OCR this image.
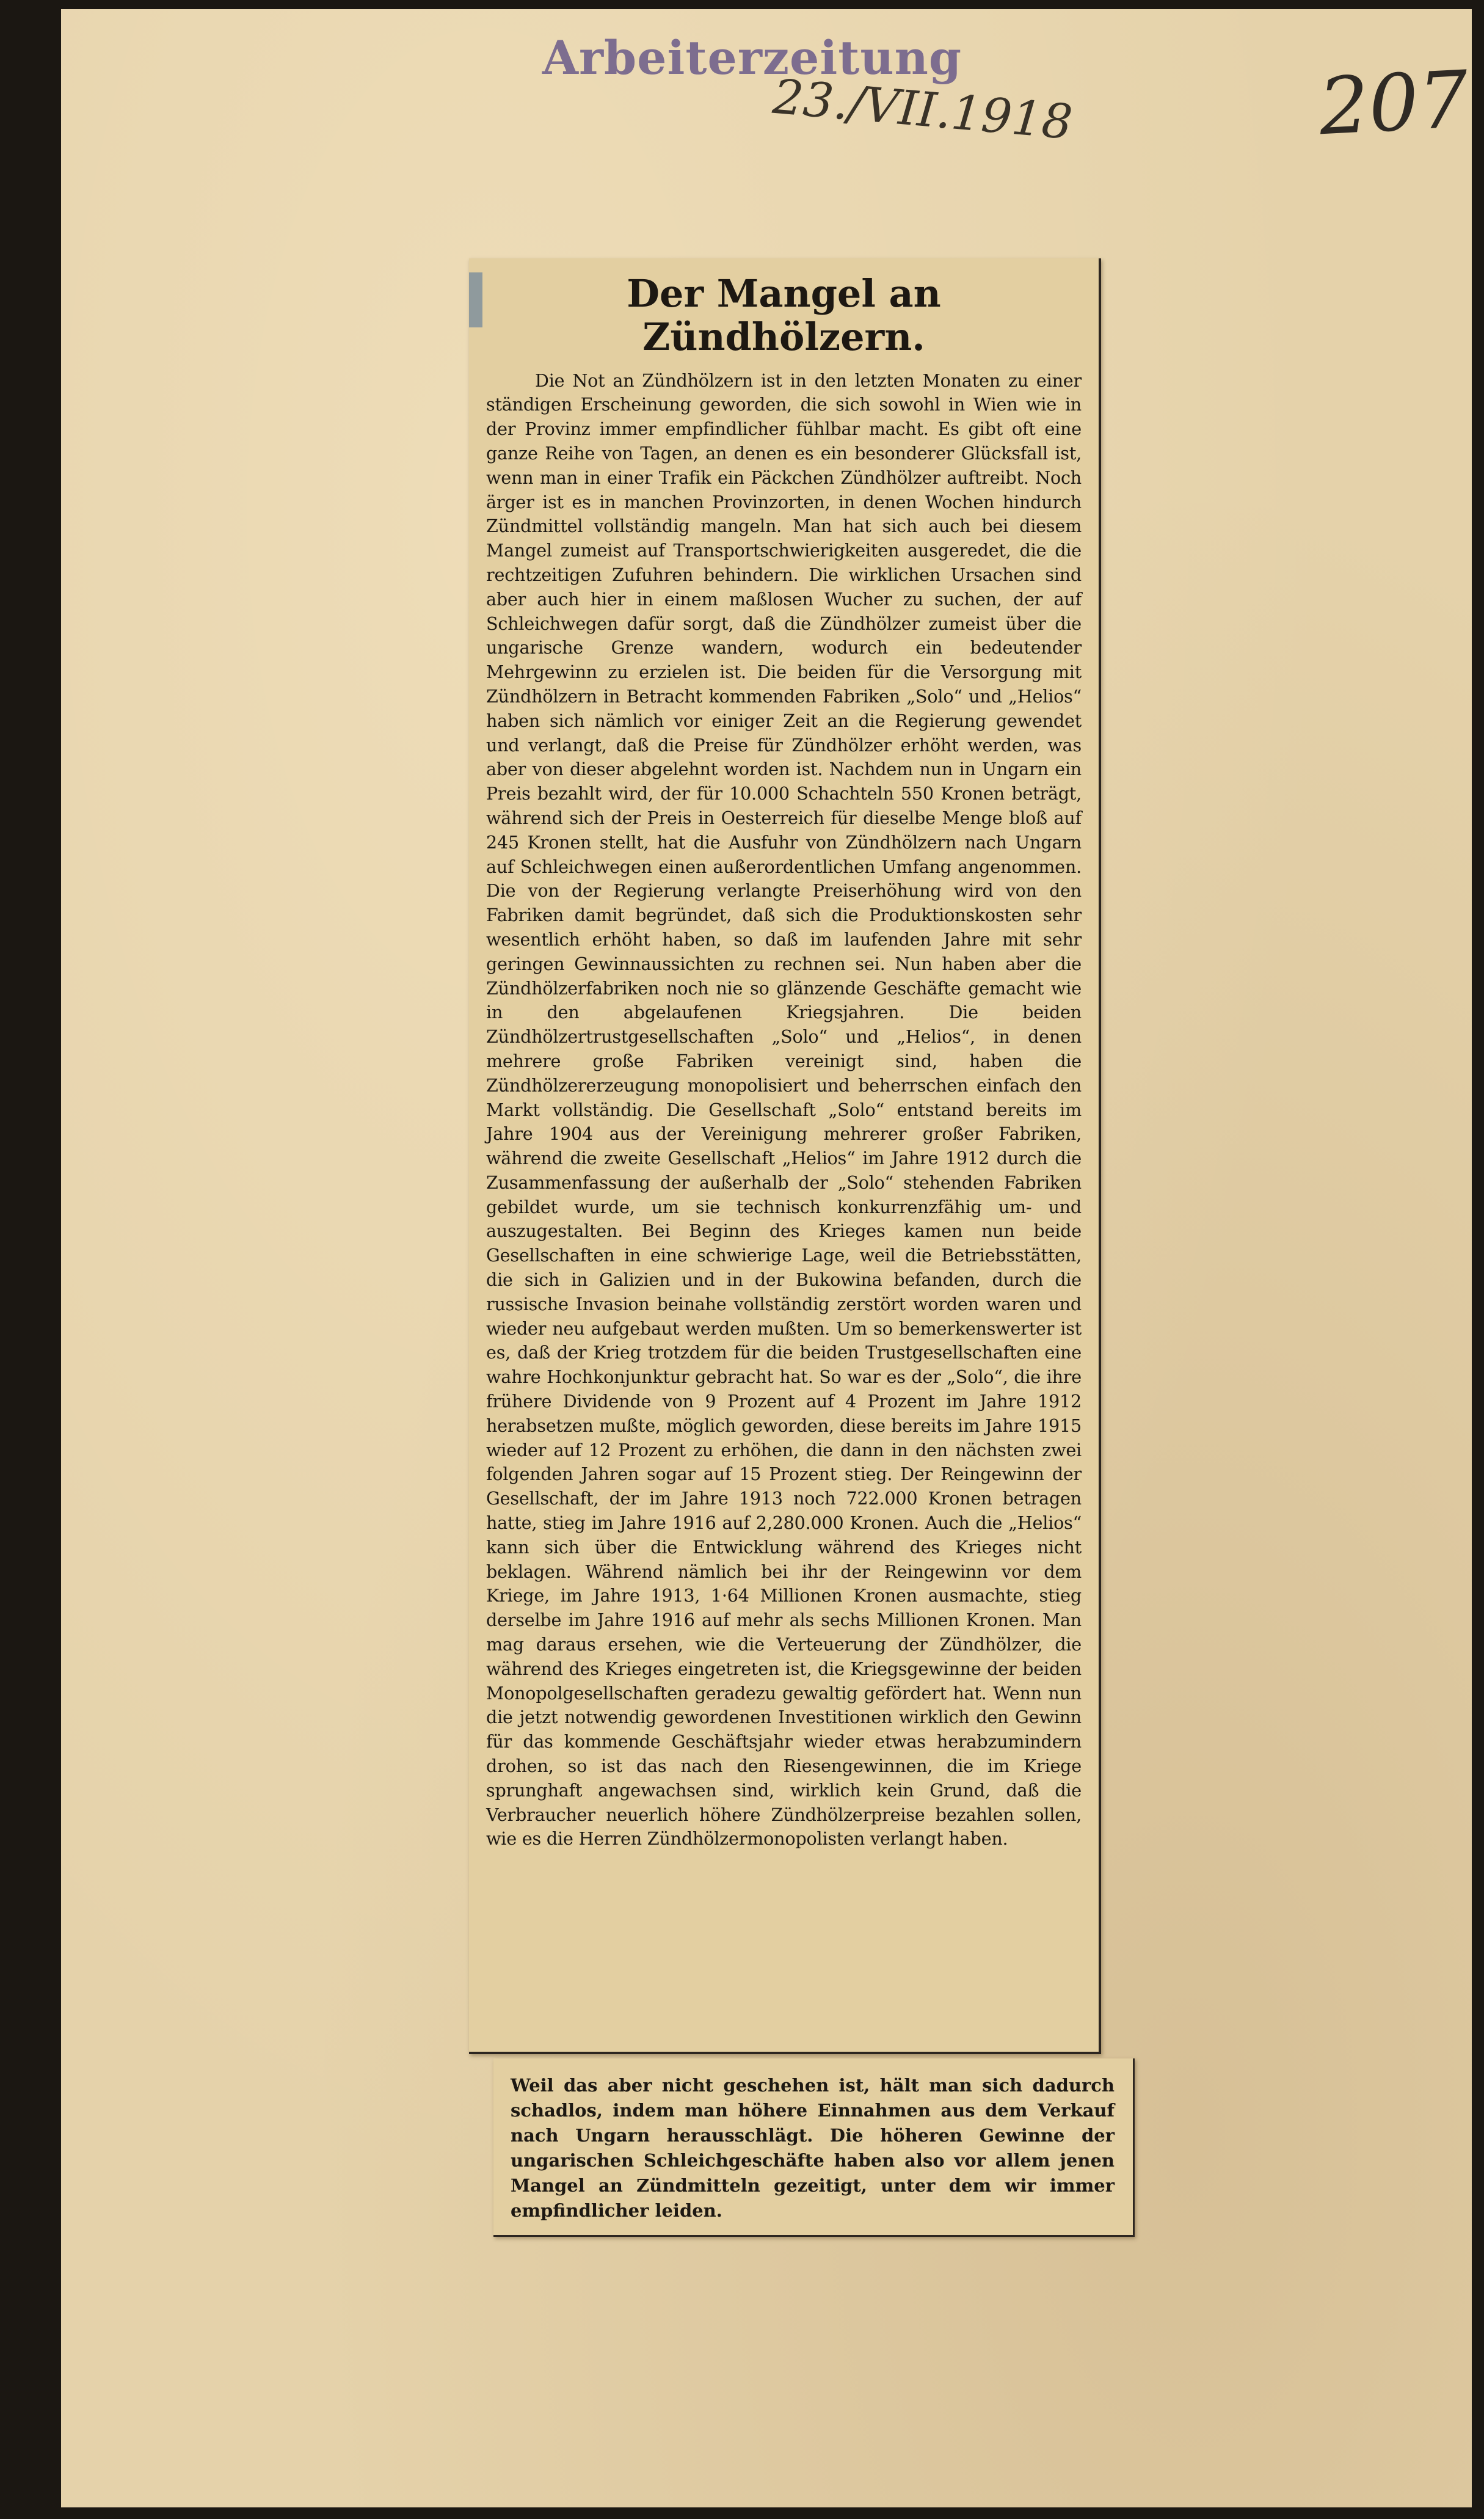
Arbeiterzeitung
23./VII.1918	207
Der Mangel an Zündhölzern.

Die Not an Zündhölzern ist in den letzten Monaten zu einer ständigen Erscheinung geworden, die sich sowohl in Wien wie in der Provinz immer empfindlicher fühlbar macht. Es gibt oft eine ganze Reihe von Tagen, an denen es ein besonderer Glücksfall ist, wenn man in einer Trafik ein Päckchen Zündhölzer auftreibt. Noch ärger ist es in manchen Provinzorten, in denen Wochen hindurch Zündmittel vollständig mangeln. Man hat sich auch bei diesem Mangel zumeist auf Transportschwierigkeiten ausgeredet, die die rechtzeitigen Zufuhren behindern. Die wirklichen Ursachen sind aber auch hier in einem maßlosen Wucher zu suchen, der auf Schleichwegen dafür sorgt, daß die Zündhölzer zumeist über die ungarische Grenze wandern, wodurch ein bedeutender Mehrgewinn zu erzielen ist. Die beiden für die Versorgung mit Zündhölzern in Betracht kommenden Fabriken „Solo“ und „Helios“ haben sich nämlich vor einiger Zeit an die Regierung gewendet und verlangt, daß die Preise für Zündhölzer erhöht werden, was aber von dieser abgelehnt worden ist. Nachdem nun in Ungarn ein Preis bezahlt wird, der für 10.000 Schachteln 550 Kronen beträgt, während sich der Preis in Oesterreich für dieselbe Menge bloß auf 245 Kronen stellt, hat die Ausfuhr von Zündhölzern nach Ungarn auf Schleichwegen einen außerordentlichen Umfang angenommen. Die von der Regierung verlangte Preiserhöhung wird von den Fabriken damit begründet, daß sich die Produktionskosten sehr wesentlich erhöht haben, so daß im laufenden Jahre mit sehr geringen Gewinnaussichten zu rechnen sei. Nun haben aber die Zündhölzerfabriken noch nie so glänzende Geschäfte gemacht wie in den abgelaufenen Kriegsjahren. Die beiden Zündhölzertrustgesellschaften „Solo“ und „Helios“, in denen mehrere große Fabriken vereinigt sind, haben die Zündhölzererzeugung monopolisiert und beherrschen einfach den Markt vollständig. Die Gesellschaft „Solo“ entstand bereits im Jahre 1904 aus der Vereinigung mehrerer großer Fabriken, während die zweite Gesellschaft „Helios“ im Jahre 1912 durch die Zusammenfassung der außerhalb der „Solo“ stehenden Fabriken gebildet wurde, um sie technisch konkurrenzfähig um- und auszugestalten. Bei Beginn des Krieges kamen nun beide Gesellschaften in eine schwierige Lage, weil die Betriebsstätten, die sich in Galizien und in der Bukowina befanden, durch die russische Invasion beinahe vollständig zerstört worden waren und wieder neu aufgebaut werden mußten. Um so bemerkenswerter ist es, daß der Krieg trotzdem für die beiden Trustgesellschaften eine wahre Hochkonjunktur gebracht hat. So war es der „Solo“, die ihre frühere Dividende von 9 Prozent auf 4 Prozent im Jahre 1912 herabsetzen mußte, möglich geworden, diese bereits im Jahre 1915 wieder auf 12 Prozent zu erhöhen, die dann in den nächsten zwei folgenden Jahren sogar auf 15 Prozent stieg. Der Reingewinn der Gesellschaft, der im Jahre 1913 noch 722.000 Kronen betragen hatte, stieg im Jahre 1916 auf 2,280.000 Kronen. Auch die „Helios“ kann sich über die Entwicklung während des Krieges nicht beklagen. Während nämlich bei ihr der Reingewinn vor dem Kriege, im Jahre 1913, 1·64 Millionen Kronen ausmachte, stieg derselbe im Jahre 1916 auf mehr als sechs Millionen Kronen. Man mag daraus ersehen, wie die Verteuerung der Zündhölzer, die während des Krieges eingetreten ist, die Kriegsgewinne der beiden Monopolgesellschaften geradezu gewaltig gefördert hat. Wenn nun die jetzt notwendig gewordenen Investitionen wirklich den Gewinn für das kommende Geschäftsjahr wieder etwas herabzumindern drohen, so ist das nach den Riesengewinnen, die im Kriege sprunghaft angewachsen sind, wirklich kein Grund, daß die Verbraucher neuerlich höhere Zündhölzerpreise bezahlen sollen, wie es die Herren Zündhölzermonopolisten verlangt haben.

Weil das aber nicht geschehen ist, hält man sich dadurch schadlos, indem man höhere Einnahmen aus dem Verkauf nach Ungarn herausschlägt. Die höheren Gewinne der ungarischen Schleichgeschäfte haben also vor allem jenen Mangel an Zündmitteln gezeitigt, unter dem wir immer empfindlicher leiden.
